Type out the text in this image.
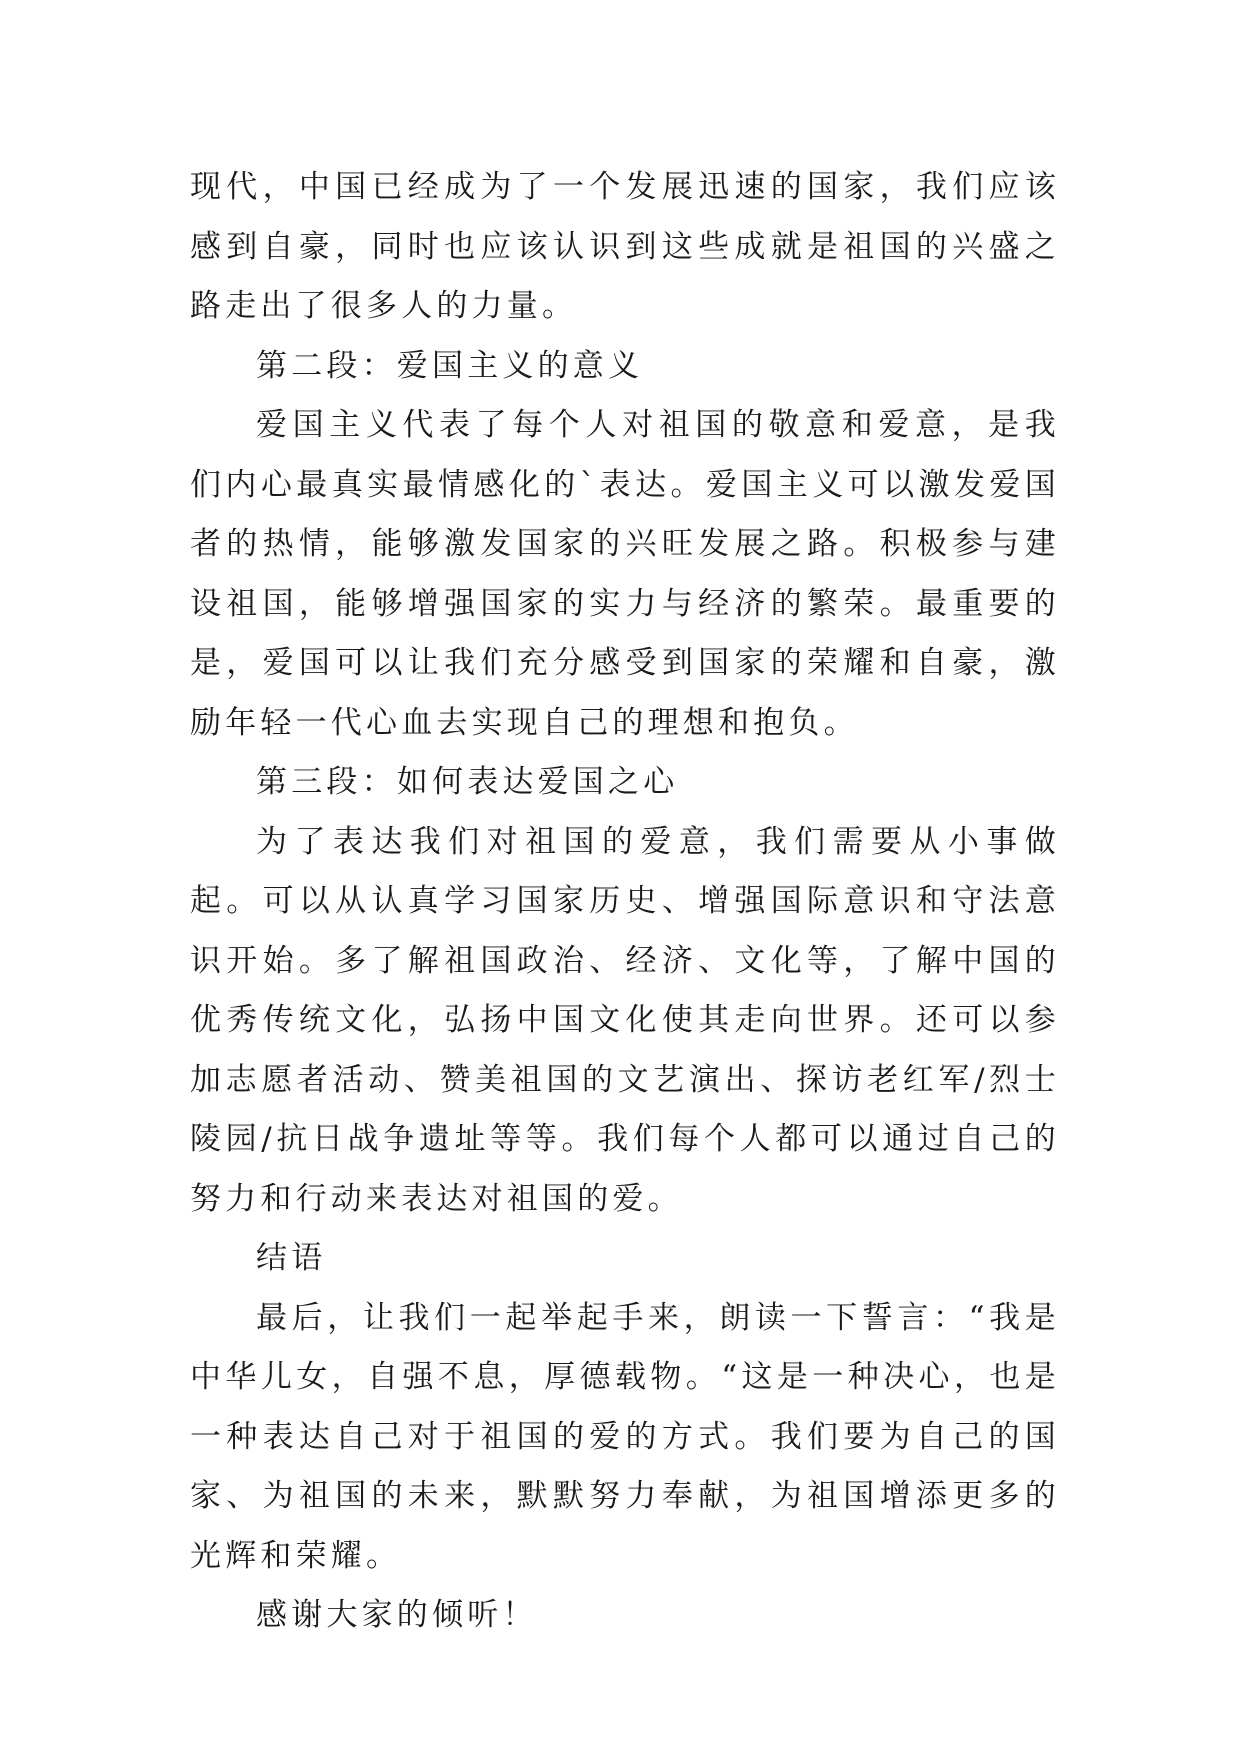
现代，中国已经成为了一个发展迅速的国家，我们应该感到自豪，同时也应该认识到这些成就是祖国的兴盛之路走出了很多人的力量。

第二段：爱国主义的意义

爱国主义代表了每个人对祖国的敬意和爱意，是我们内心最真实最情感化的`表达。爱国主义可以激发爱国者的热情，能够激发国家的兴旺发展之路。积极参与建设祖国，能够增强国家的实力与经济的繁荣。最重要的是，爱国可以让我们充分感受到国家的荣耀和自豪，激励年轻一代心血去实现自己的理想和抱负。

第三段：如何表达爱国之心

为了表达我们对祖国的爱意，我们需要从小事做起。可以从认真学习国家历史、增强国际意识和守法意识开始。多了解祖国政治、经济、文化等，了解中国的优秀传统文化，弘扬中国文化使其走向世界。还可以参加志愿者活动、赞美祖国的文艺演出、探访老红军/烈士陵园/抗日战争遗址等等。我们每个人都可以通过自己的努力和行动来表达对祖国的爱。

结语

最后，让我们一起举起手来，朗读一下誓言：“我是中华儿女，自强不息，厚德载物。“这是一种决心，也是一种表达自己对于祖国的爱的方式。我们要为自己的国家、为祖国的未来，默默努力奉献，为祖国增添更多的光辉和荣耀。

感谢大家的倾听！
